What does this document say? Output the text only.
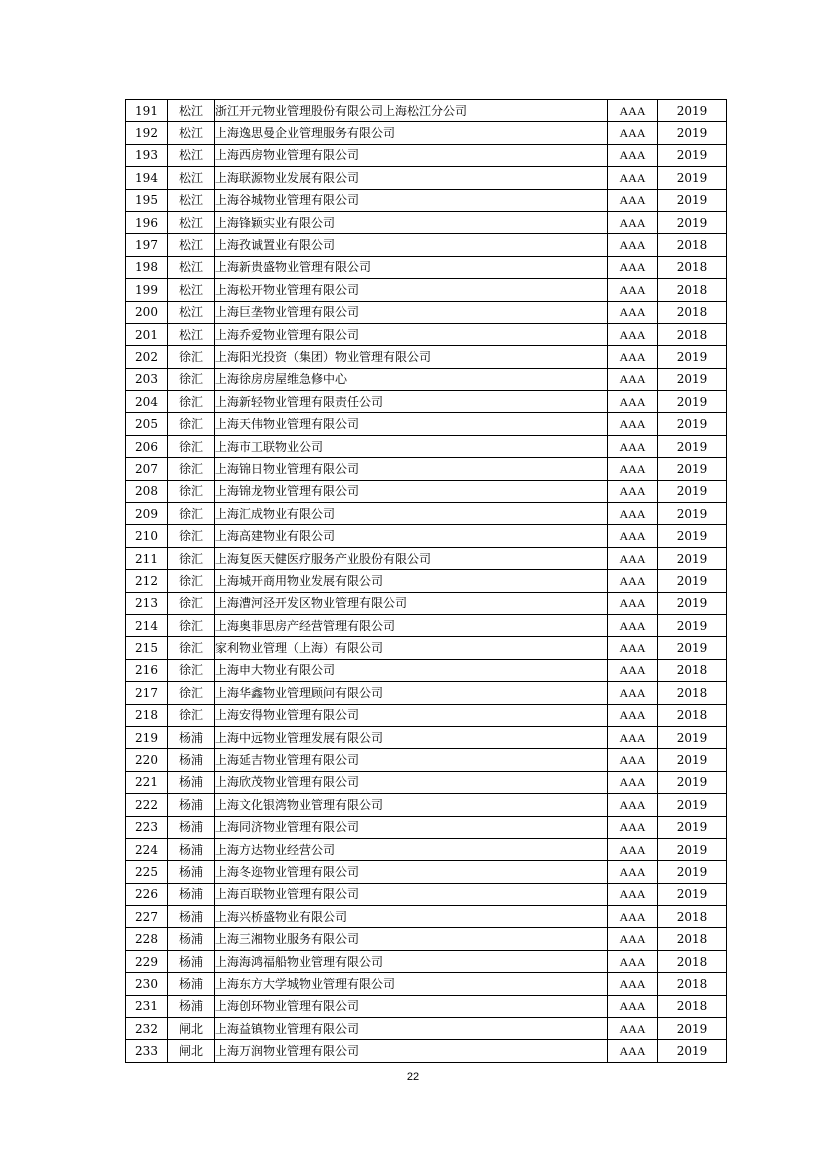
191	松江	浙江开元物业管理股份有限公司上海松江分公司	AAA	2019
192	松江	上海逸思曼企业管理服务有限公司	AAA	2019
193	松江	上海西房物业管理有限公司	AAA	2019
194	松江	上海联源物业发展有限公司	AAA	2019
195	松江	上海谷城物业管理有限公司	AAA	2019
196	松江	上海锋颖实业有限公司	AAA	2019
197	松江	上海孜诚置业有限公司	AAA	2018
198	松江	上海新贵盛物业管理有限公司	AAA	2018
199	松江	上海松开物业管理有限公司	AAA	2018
200	松江	上海巨垄物业管理有限公司	AAA	2018
201	松江	上海乔爱物业管理有限公司	AAA	2018
202	徐汇	上海阳光投资（集团）物业管理有限公司	AAA	2019
203	徐汇	上海徐房房屋维急修中心	AAA	2019
204	徐汇	上海新轻物业管理有限责任公司	AAA	2019
205	徐汇	上海天伟物业管理有限公司	AAA	2019
206	徐汇	上海市工联物业公司	AAA	2019
207	徐汇	上海锦日物业管理有限公司	AAA	2019
208	徐汇	上海锦龙物业管理有限公司	AAA	2019
209	徐汇	上海汇成物业有限公司	AAA	2019
210	徐汇	上海高建物业有限公司	AAA	2019
211	徐汇	上海复医天健医疗服务产业股份有限公司	AAA	2019
212	徐汇	上海城开商用物业发展有限公司	AAA	2019
213	徐汇	上海漕河泾开发区物业管理有限公司	AAA	2019
214	徐汇	上海奥菲思房产经营管理有限公司	AAA	2019
215	徐汇	家利物业管理（上海）有限公司	AAA	2019
216	徐汇	上海申大物业有限公司	AAA	2018
217	徐汇	上海华鑫物业管理顾问有限公司	AAA	2018
218	徐汇	上海安得物业管理有限公司	AAA	2018
219	杨浦	上海中远物业管理发展有限公司	AAA	2019
220	杨浦	上海延吉物业管理有限公司	AAA	2019
221	杨浦	上海欣茂物业管理有限公司	AAA	2019
222	杨浦	上海文化银湾物业管理有限公司	AAA	2019
223	杨浦	上海同济物业管理有限公司	AAA	2019
224	杨浦	上海方达物业经营公司	AAA	2019
225	杨浦	上海冬迩物业管理有限公司	AAA	2019
226	杨浦	上海百联物业管理有限公司	AAA	2019
227	杨浦	上海兴桥盛物业有限公司	AAA	2018
228	杨浦	上海三湘物业服务有限公司	AAA	2018
229	杨浦	上海海鸿福船物业管理有限公司	AAA	2018
230	杨浦	上海东方大学城物业管理有限公司	AAA	2018
231	杨浦	上海创环物业管理有限公司	AAA	2018
232	闸北	上海益镇物业管理有限公司	AAA	2019
233	闸北	上海万润物业管理有限公司	AAA	2019
22
